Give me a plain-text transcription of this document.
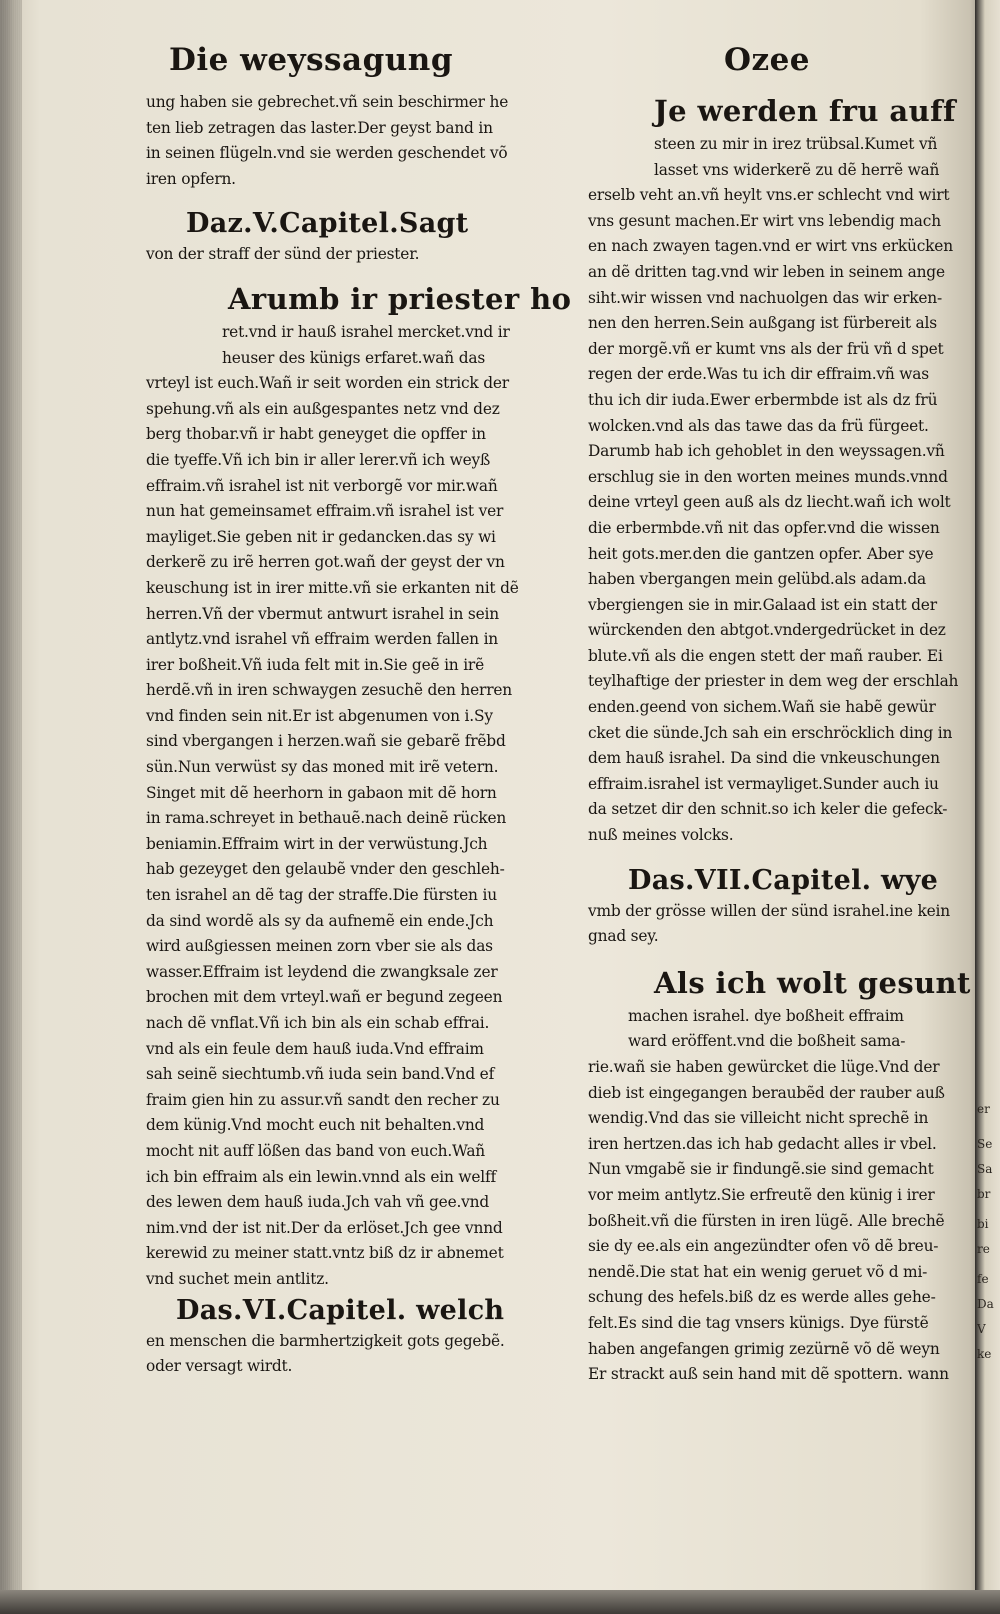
Die weyssagung
ung haben sie gebrechet.vñ sein beschirmer he
ten lieb zetragen das laster.Der geyst band in
in seinen flügeln.vnd sie werden geschendet võ
iren opfern.
Daz.V.Capitel.Sagt
von der straff der sünd der priester.
Arumb ir priester ho
ret.vnd ir hauß israhel mercket.vnd ir
heuser des künigs erfaret.wañ das
vrteyl ist euch.Wañ ir seit worden ein strick der
spehung.vñ als ein außgespantes netz vnd dez
berg thobar.vñ ir habt geneyget die opffer in
die tyeffe.Vñ ich bin ir aller lerer.vñ ich weyß
effraim.vñ israhel ist nit verborgẽ vor mir.wañ
nun hat gemeinsamet effraim.vñ israhel ist ver
mayliget.Sie geben nit ir gedancken.das sy wi
derkerẽ zu irẽ herren got.wañ der geyst der vn
keuschung ist in irer mitte.vñ sie erkanten nit dẽ
herren.Vñ der vbermut antwurt israhel in sein
antlytz.vnd israhel vñ effraim werden fallen in
irer boßheit.Vñ iuda felt mit in.Sie geẽ in irẽ
herdẽ.vñ in iren schwaygen zesuchẽ den herren
vnd finden sein nit.Er ist abgenumen von i.Sy
sind vbergangen i herzen.wañ sie gebarẽ frẽbd
sün.Nun verwüst sy das moned mit irẽ vetern.
Singet mit dẽ heerhorn in gabaon mit dẽ horn
in rama.schreyet in bethauẽ.nach deinẽ rücken
beniamin.Effraim wirt in der verwüstung.Jch
hab gezeyget den gelaubẽ vnder den geschleh-
ten israhel an dẽ tag der straffe.Die fürsten iu
da sind wordẽ als sy da aufnemẽ ein ende.Jch
wird außgiessen meinen zorn vber sie als das
wasser.Effraim ist leydend die zwangksale zer
brochen mit dem vrteyl.wañ er begund zegeen
nach dẽ vnflat.Vñ ich bin als ein schab effrai.
vnd als ein feule dem hauß iuda.Vnd effraim
sah seinẽ siechtumb.vñ iuda sein band.Vnd ef
fraim gien hin zu assur.vñ sandt den recher zu
dem künig.Vnd mocht euch nit behalten.vnd
mocht nit auff lößen das band von euch.Wañ
ich bin effraim als ein lewin.vnnd als ein welff
des lewen dem hauß iuda.Jch vah vñ gee.vnd
nim.vnd der ist nit.Der da erlöset.Jch gee vnnd
kerewid zu meiner statt.vntz biß dz ir abnemet
vnd suchet mein antlitz.
Das.VI.Capitel. welch
en menschen die barmhertzigkeit gots gegebẽ.
oder versagt wirdt.
Ozee
Je werden fru auff
steen zu mir in irez trübsal.Kumet vñ
lasset vns widerkerẽ zu dẽ herrẽ wañ
erselb veht an.vñ heylt vns.er schlecht vnd wirt
vns gesunt machen.Er wirt vns lebendig mach
en nach zwayen tagen.vnd er wirt vns erkücken
an dẽ dritten tag.vnd wir leben in seinem ange
siht.wir wissen vnd nachuolgen das wir erken-
nen den herren.Sein außgang ist fürbereit als
der morgẽ.vñ er kumt vns als der frü vñ d spet
regen der erde.Was tu ich dir effraim.vñ was
thu ich dir iuda.Ewer erbermbde ist als dz frü
wolcken.vnd als das tawe das da frü fürgeet.
Darumb hab ich gehoblet in den weyssagen.vñ
erschlug sie in den worten meines munds.vnnd
deine vrteyl geen auß als dz liecht.wañ ich wolt
die erbermbde.vñ nit das opfer.vnd die wissen
heit gots.mer.den die gantzen opfer. Aber sye
haben vbergangen mein gelübd.als adam.da
vbergiengen sie in mir.Galaad ist ein statt der
würckenden den abtgot.vndergedrücket in dez
blute.vñ als die engen stett der mañ rauber. Ei
teylhaftige der priester in dem weg der erschlah
enden.geend von sichem.Wañ sie habẽ gewür
cket die sünde.Jch sah ein erschröcklich ding in
dem hauß israhel. Da sind die vnkeuschungen
effraim.israhel ist vermayliget.Sunder auch iu
da setzet dir den schnit.so ich keler die gefeck-
nuß meines volcks.
Das.VII.Capitel. wye
vmb der grösse willen der sünd israhel.ine kein
gnad sey.
Als ich wolt gesunt
machen israhel. dye boßheit effraim
ward eröffent.vnd die boßheit sama-
rie.wañ sie haben gewürcket die lüge.Vnd der
dieb ist eingegangen beraubẽd der rauber auß
wendig.Vnd das sie villeicht nicht sprechẽ in
iren hertzen.das ich hab gedacht alles ir vbel.
Nun vmgabẽ sie ir findungẽ.sie sind gemacht
vor meim antlytz.Sie erfreutẽ den künig i irer
boßheit.vñ die fürsten in iren lügẽ. Alle brechẽ
sie dy ee.als ein angezündter ofen võ dẽ breu-
nendẽ.Die stat hat ein wenig geruet võ d mi-
schung des hefels.biß dz es werde alles gehe-
felt.Es sind die tag vnsers künigs. Dye fürstẽ
haben angefangen grimig zezürnẽ võ dẽ weyn
Er strackt auß sein hand mit dẽ spottern. wann
er
Se
Sa
br
bi
re
fe
Da
V
ke
